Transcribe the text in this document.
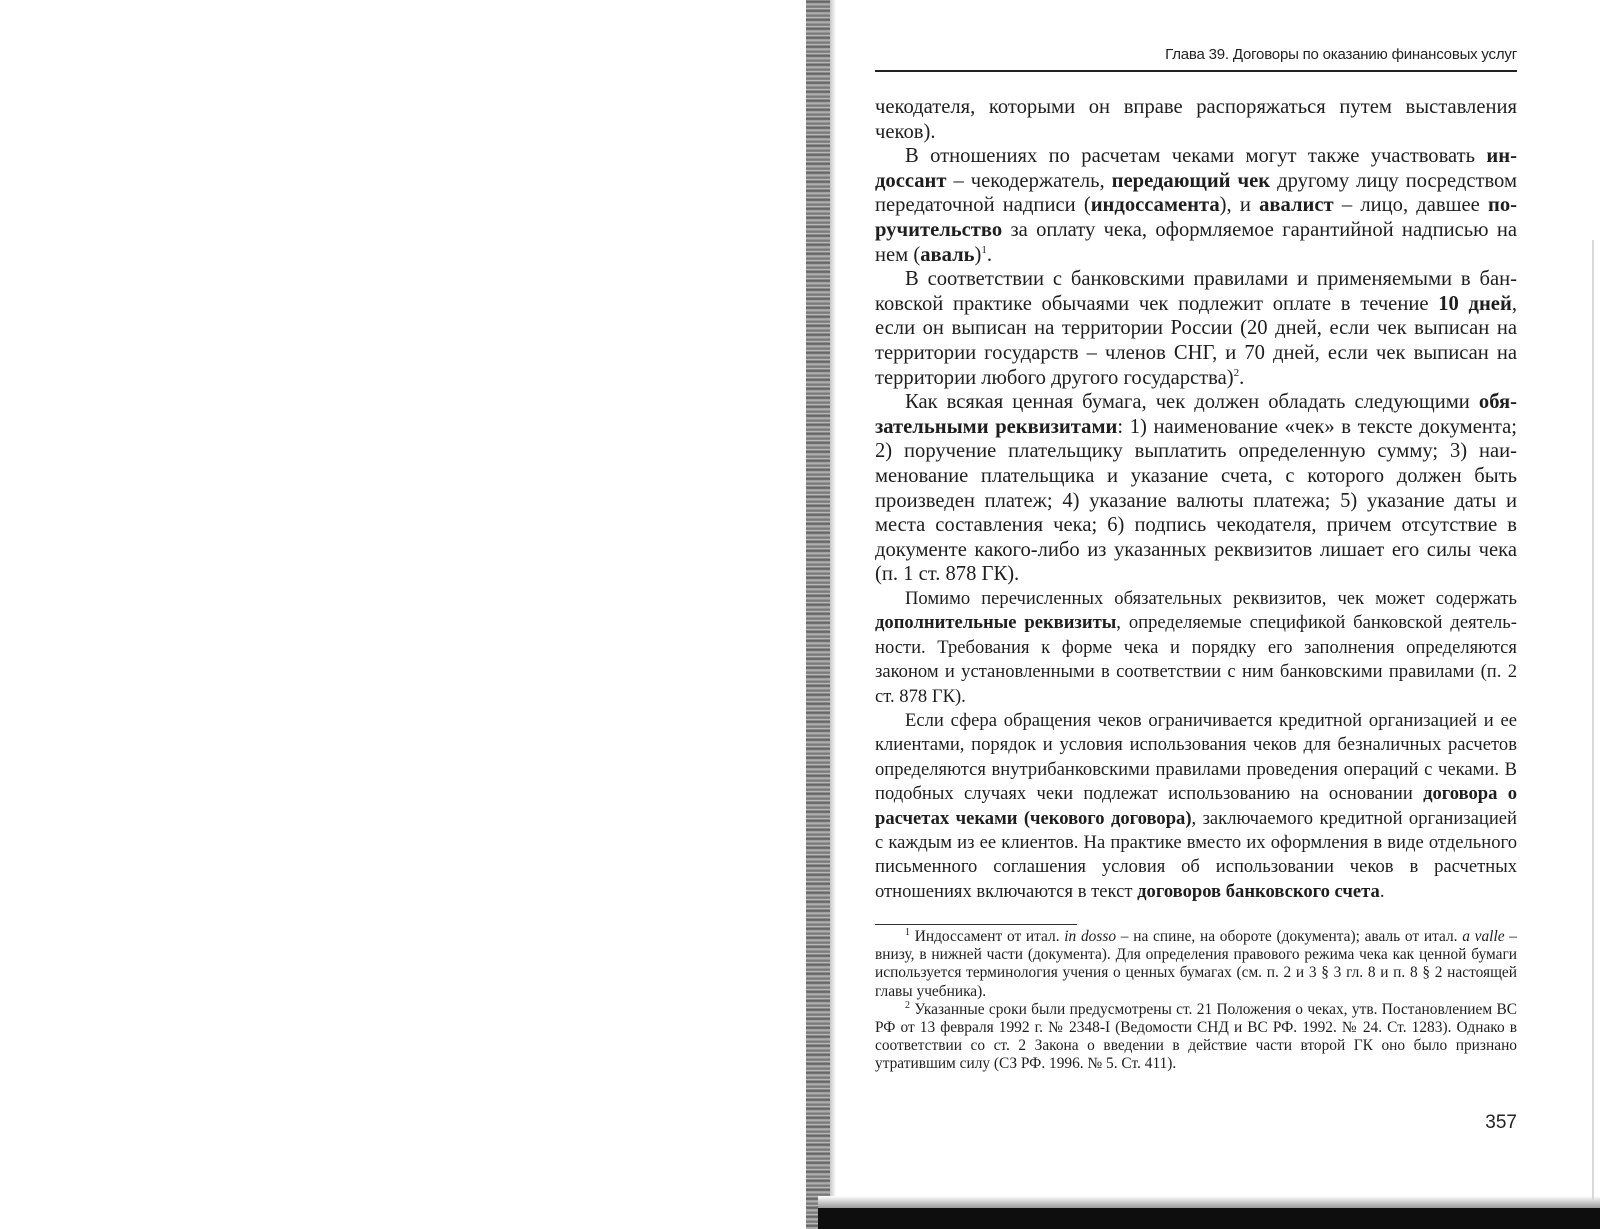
Глава 39. Договоры по оказанию финансовых услуг

чекодателя, которыми он вправе распоряжаться путем выставления чеков).

В отношениях по расчетам чеками могут также участвовать индоссант – чекодержатель, передающий чек другому лицу посредством передаточной надписи (индоссамента), и авалист – лицо, давшее поручительство за оплату чека, оформляемое гарантийной надписью на нем (аваль)$^1$.

В соответствии с банковскими правилами и применяемыми в банковской практике обычаями чек подлежит оплате в течение 10 дней, если он выписан на территории России (20 дней, если чек выписан на территории государств – членов СНГ, и 70 дней, если чек выписан на территории любого другого государства)$^2$.

Как всякая ценная бумага, чек должен обладать следующими обязательными реквизитами: 1) наименование «чек» в тексте документа; 2) поручение плательщику выплатить определенную сумму; 3) наименование плательщика и указание счета, с которого должен быть произведен платеж; 4) указание валюты платежа; 5) указание даты и места составления чека; 6) подпись чекодателя, причем отсутствие в документе какого-либо из указанных реквизитов лишает его силы чека (п. 1 ст. 878 ГК).

Помимо перечисленных обязательных реквизитов, чек может содержать дополнительные реквизиты, определяемые спецификой банковской деятельности. Требования к форме чека и порядку его заполнения определяются законом и установленными в соответствии с ним банковскими правилами (п. 2 ст. 878 ГК).

Если сфера обращения чеков ограничивается кредитной организацией и ее клиентами, порядок и условия использования чеков для безналичных расчетов определяются внутрибанковскими правилами проведения операций с чеками. В подобных случаях чеки подлежат использованию на основании договора о расчетах чеками (чекового договора), заключаемого кредитной организацией с каждым из ее клиентов. На практике вместо их оформления в виде отдельного письменного соглашения условия об использовании чеков в расчетных отношениях включаются в текст договоров банковского счета.

$^1$ Индоссамент от итал. in dosso – на спине, на обороте (документа); аваль от итал. a valle – внизу, в нижней части (документа). Для определения правового режима чека как ценной бумаги используется терминология учения о ценных бумагах (см. п. 2 и 3 § 3 гл. 8 и п. 8 § 2 настоящей главы учебника).

$^2$ Указанные сроки были предусмотрены ст. 21 Положения о чеках, утв. Постановлением ВС РФ от 13 февраля 1992 г. № 2348-I (Ведомости СНД и ВС РФ. 1992. № 24. Ст. 1283). Однако в соответствии со ст. 2 Закона о введении в действие части второй ГК оно было признано утратившим силу (СЗ РФ. 1996. № 5. Ст. 411).

357
